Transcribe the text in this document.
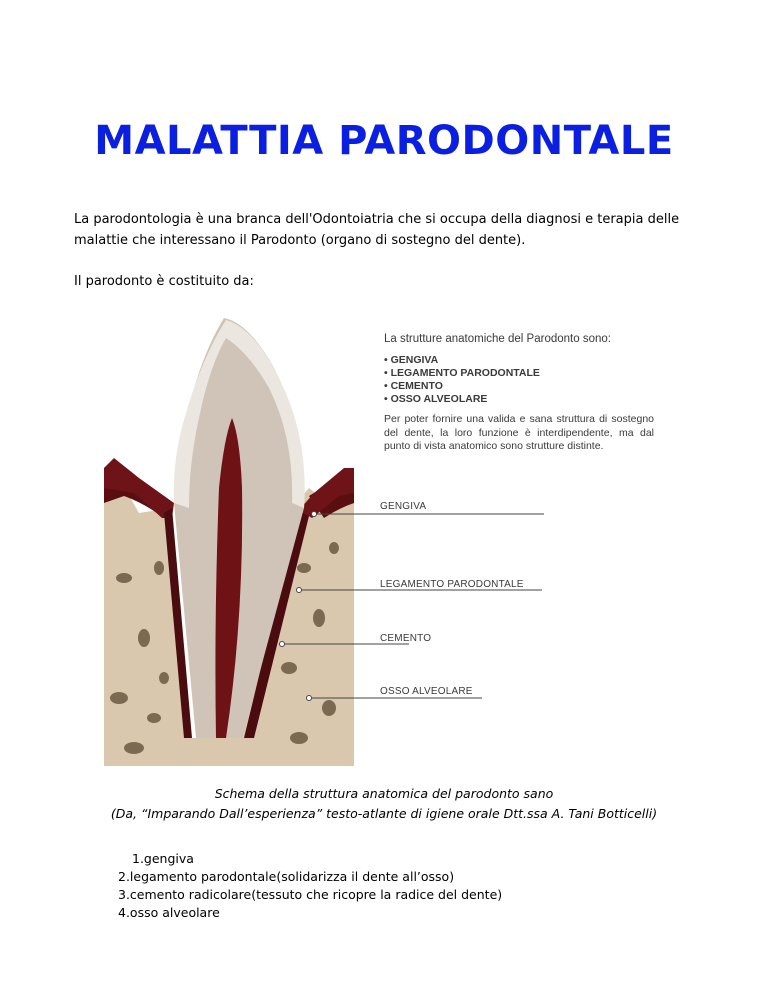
MALATTIA PARODONTALE

La parodontologia è una branca dell'Odontoiatria che si occupa della diagnosi e terapia delle malattie che interessano il Parodonto (organo di sostegno del dente).

Il parodonto è costituito da:

La strutture anatomiche del Parodonto sono:

• GENGIVA
• LEGAMENTO PARODONTALE
• CEMENTO
• OSSO ALVEOLARE

Per poter fornire una valida e sana struttura di sostegno del dente, la loro funzione è interdipendente, ma dal punto di vista anatomico sono strutture distinte.

GENGIVA

LEGAMENTO PARODONTALE

CEMENTO

OSSO ALVEOLARE

Schema della struttura anatomica del parodonto sano
(Da, “Imparando Dall’esperienza” testo-atlante di igiene orale Dtt.ssa A. Tani Botticelli)
1.gengiva
2.legamento parodontale(solidarizza il dente all’osso)
3.cemento radicolare(tessuto che ricopre la radice del dente)
4.osso alveolare
